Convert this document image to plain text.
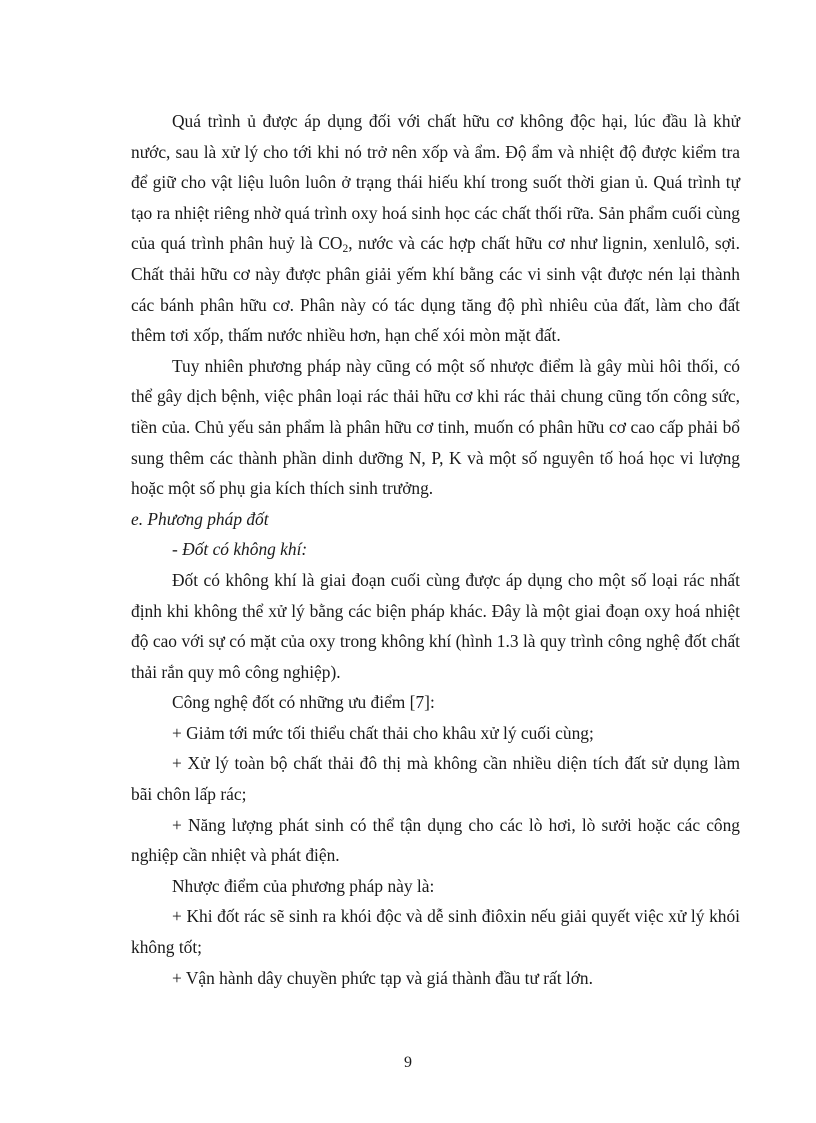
Quá trình ủ được áp dụng đối với chất hữu cơ không độc hại, lúc đầu là khử nước, sau là xử lý cho tới khi nó trở nên xốp và ẩm. Độ ẩm và nhiệt độ được kiểm tra để giữ cho vật liệu luôn luôn ở trạng thái hiếu khí trong suốt thời gian ủ. Quá trình tự tạo ra nhiệt riêng nhờ quá trình oxy hoá sinh học các chất thối rữa. Sản phẩm cuối cùng của quá trình phân huỷ là $CO_2$, nước và các hợp chất hữu cơ như lignin, xenlulô, sợi. Chất thải hữu cơ này được phân giải yếm khí bằng các vi sinh vật được nén lại thành các bánh phân hữu cơ. Phân này có tác dụng tăng độ phì nhiêu của đất, làm cho đất thêm tơi xốp, thấm nước nhiều hơn, hạn chế xói mòn mặt đất.

Tuy nhiên phương pháp này cũng có một số nhược điểm là gây mùi hôi thối, có thể gây dịch bệnh, việc phân loại rác thải hữu cơ khi rác thải chung cũng tốn công sức, tiền của. Chủ yếu sản phẩm là phân hữu cơ tinh, muốn có phân hữu cơ cao cấp phải bổ sung thêm các thành phần dinh dưỡng N, P, K và một số nguyên tố hoá học vi lượng hoặc một số phụ gia kích thích sinh trưởng.

e. Phương pháp đốt

- Đốt có không khí:

Đốt có không khí là giai đoạn cuối cùng được áp dụng cho một số loại rác nhất định khi không thể xử lý bằng các biện pháp khác. Đây là một giai đoạn oxy hoá nhiệt độ cao với sự có mặt của oxy trong không khí (hình 1.3 là quy trình công nghệ đốt chất thải rắn quy mô công nghiệp).

Công nghệ đốt có những ưu điểm [7]:

+ Giảm tới mức tối thiểu chất thải cho khâu xử lý cuối cùng;

+ Xử lý toàn bộ chất thải đô thị mà không cần nhiều diện tích đất sử dụng làm bãi chôn lấp rác;

+ Năng lượng phát sinh có thể tận dụng cho các lò hơi, lò sưởi hoặc các công nghiệp cần nhiệt và phát điện.

Nhược điểm của phương pháp này là:

+ Khi đốt rác sẽ sinh ra khói độc và dễ sinh điôxin nếu giải quyết việc xử lý khói không tốt;

+ Vận hành dây chuyền phức tạp và giá thành đầu tư rất lớn.

9
